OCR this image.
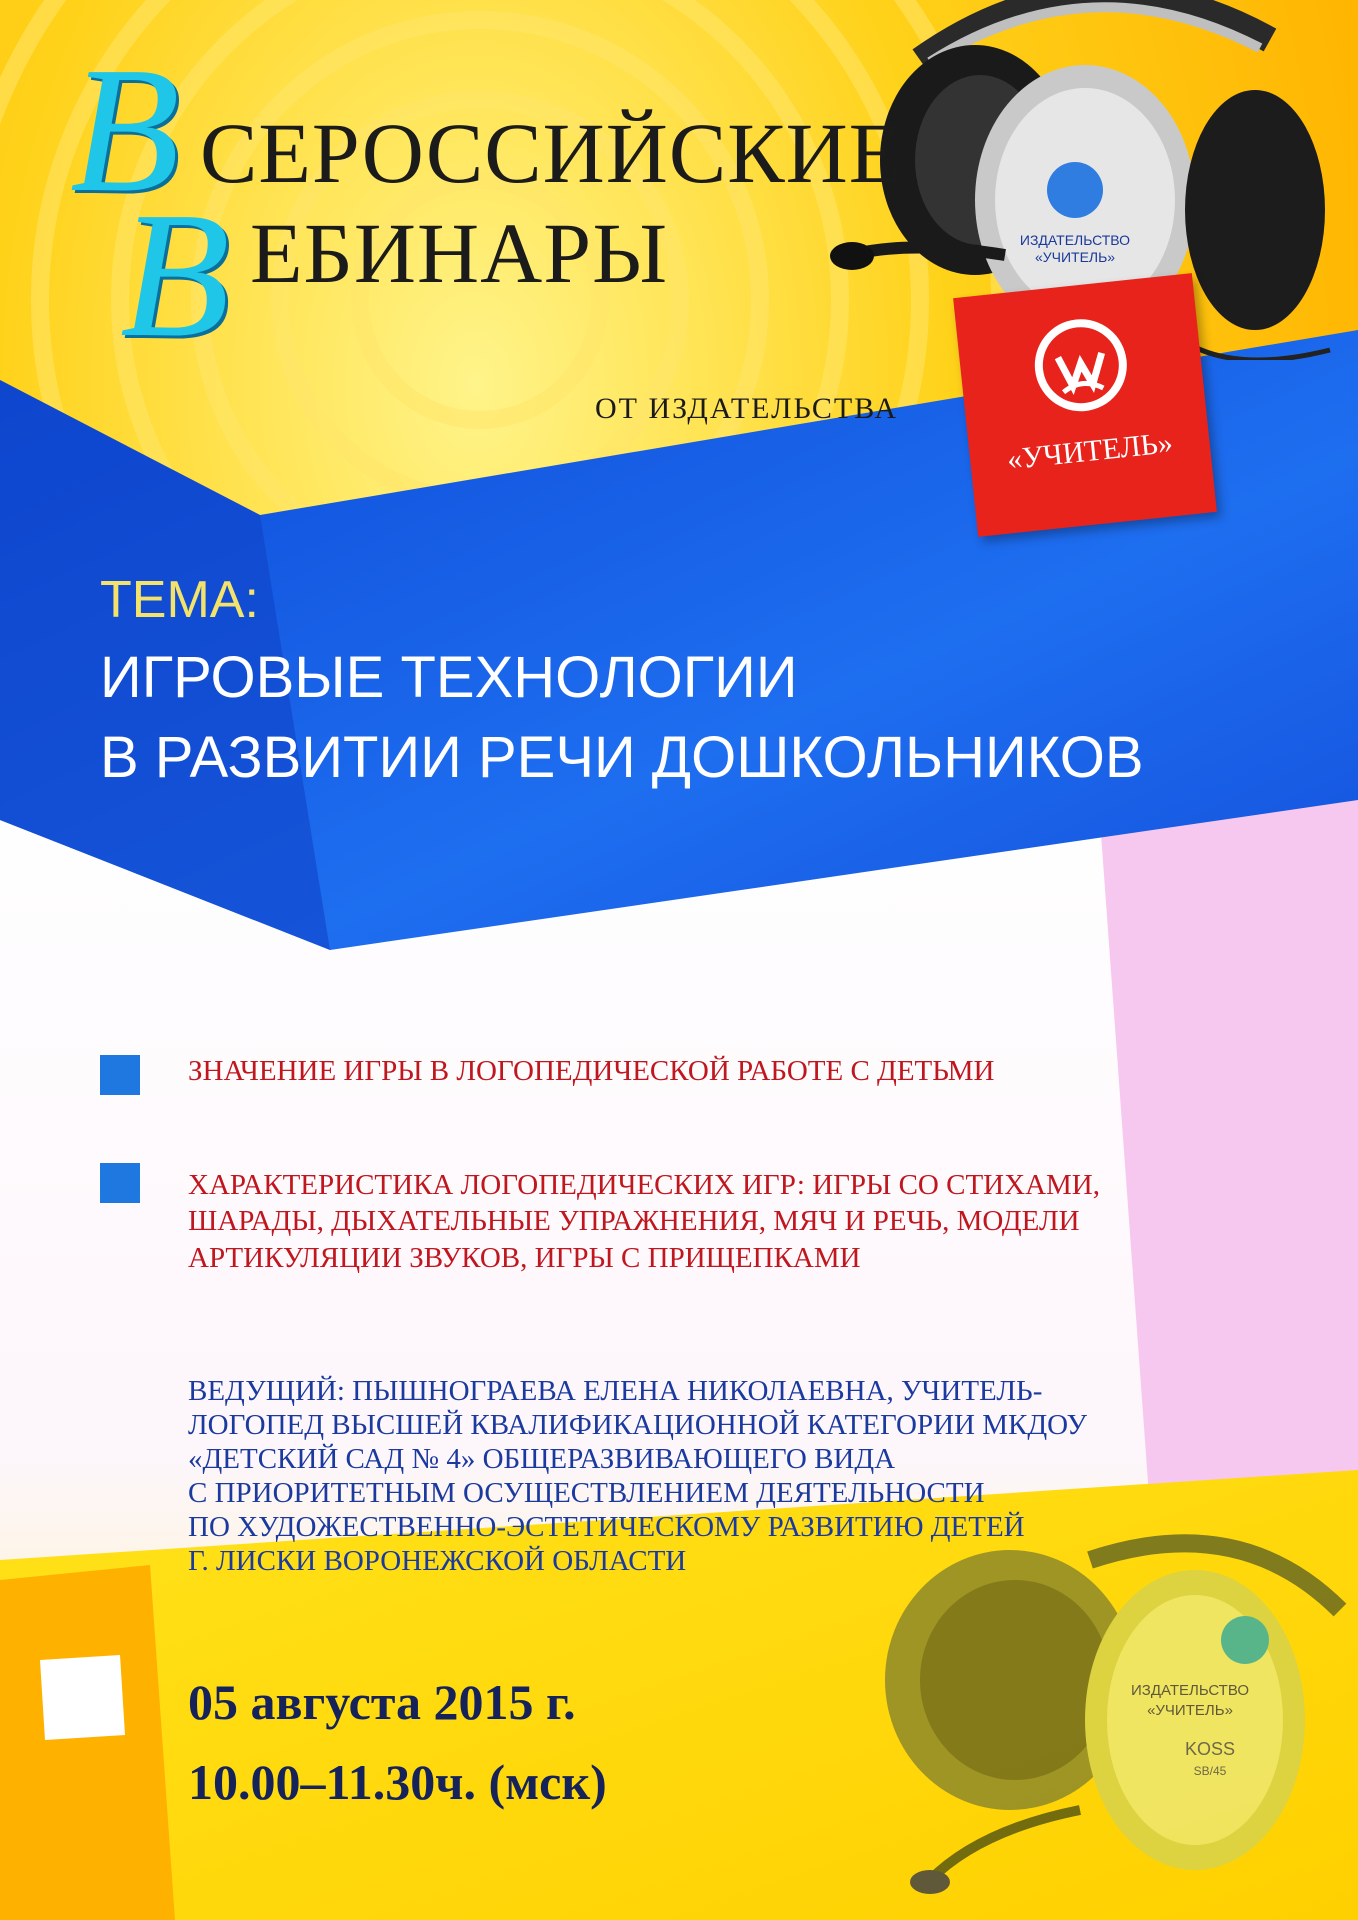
ИЗДАТЕЛЬСТВО
«УЧИТЕЛЬ»
«УЧИТЕЛЬ»
В СЕРОССИЙСКИЕ
В ЕБИНАРЫ
ОТ ИЗДАТЕЛЬСТВА
ТЕМА:
ИГРОВЫЕ ТЕХНОЛОГИИ
В РАЗВИТИИ РЕЧИ ДОШКОЛЬНИКОВ
ЗНАЧЕНИЕ ИГРЫ В ЛОГОПЕДИЧЕСКОЙ РАБОТЕ С ДЕТЬМИ
ХАРАКТЕРИСТИКА ЛОГОПЕДИЧЕСКИХ ИГР: ИГРЫ СО СТИХАМИ,
ШАРАДЫ, ДЫХАТЕЛЬНЫЕ УПРАЖНЕНИЯ, МЯЧ И РЕЧЬ, МОДЕЛИ
АРТИКУЛЯЦИИ ЗВУКОВ, ИГРЫ С ПРИЩЕПКАМИ
ВЕДУЩИЙ: ПЫШНОГРАЕВА ЕЛЕНА НИКОЛАЕВНА, УЧИТЕЛЬ-
ЛОГОПЕД ВЫСШЕЙ КВАЛИФИКАЦИОННОЙ КАТЕГОРИИ МКДОУ
«ДЕТСКИЙ САД № 4» ОБЩЕРАЗВИВАЮЩЕГО ВИДА
С ПРИОРИТЕТНЫМ ОСУЩЕСТВЛЕНИЕМ ДЕЯТЕЛЬНОСТИ
ПО ХУДОЖЕСТВЕННО-ЭСТЕТИЧЕСКОМУ РАЗВИТИЮ ДЕТЕЙ
Г. ЛИСКИ ВОРОНЕЖСКОЙ ОБЛАСТИ
ИЗДАТЕЛЬСТВО
«УЧИТЕЛЬ»
KOSS
SB/45
05 августа 2015 г.
10.00–11.30ч. (мск)
